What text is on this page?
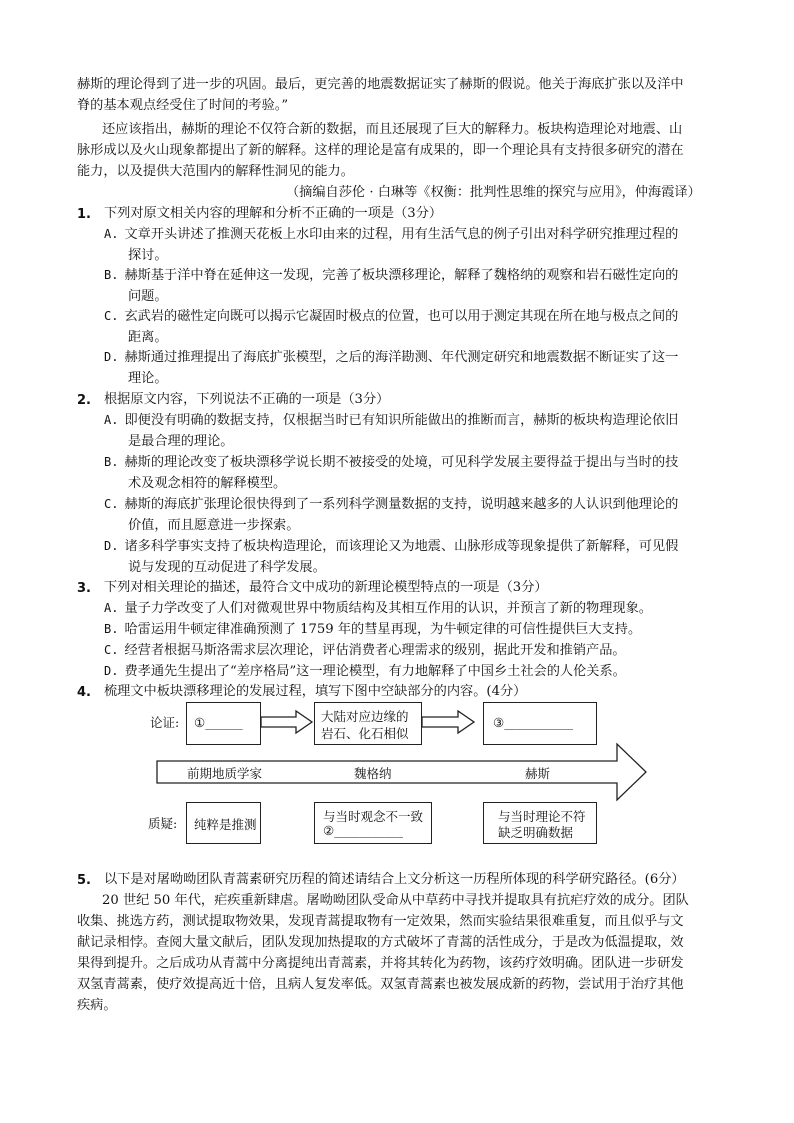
赫斯的理论得到了进一步的巩固。最后，更完善的地震数据证实了赫斯的假说。他关于海底扩张以及洋中
脊的基本观点经受住了时间的考验。”
还应该指出，赫斯的理论不仅符合新的数据，而且还展现了巨大的解释力。板块构造理论对地震、山
脉形成以及火山现象都提出了新的解释。这样的理论是富有成果的，即一个理论具有支持很多研究的潜在
能力，以及提供大范围内的解释性洞见的能力。
（摘编自莎伦 · 白琳等《权衡：批判性思维的探究与应用》，仲海霞译）
1. 下列对原文相关内容的理解和分析不正确的一项是（3分）
A. 文章开头讲述了推测天花板上水印由来的过程，用有生活气息的例子引出对科学研究推理过程的
探讨。
B. 赫斯基于洋中脊在延伸这一发现，完善了板块漂移理论，解释了魏格纳的观察和岩石磁性定向的
问题。
C. 玄武岩的磁性定向既可以揭示它凝固时极点的位置，也可以用于测定其现在所在地与极点之间的
距离。
D. 赫斯通过推理提出了海底扩张模型，之后的海洋勘测、年代测定研究和地震数据不断证实了这一
理论。
2. 根据原文内容，下列说法不正确的一项是（3分）
A. 即便没有明确的数据支持，仅根据当时已有知识所能做出的推断而言，赫斯的板块构造理论依旧
是最合理的理论。
B. 赫斯的理论改变了板块漂移学说长期不被接受的处境，可见科学发展主要得益于提出与当时的技
术及观念相符的解释模型。
C. 赫斯的海底扩张理论很快得到了一系列科学测量数据的支持，说明越来越多的人认识到他理论的
价值，而且愿意进一步探索。
D. 诸多科学事实支持了板块构造理论，而该理论又为地震、山脉形成等现象提供了新解释，可见假
说与发现的互动促进了科学发展。
3. 下列对相关理论的描述，最符合文中成功的新理论模型特点的一项是（3分）
A. 量子力学改变了人们对微观世界中物质结构及其相互作用的认识，并预言了新的物理现象。
B. 哈雷运用牛顿定律准确预测了 1759 年的彗星再现，为牛顿定律的可信性提供巨大支持。
C. 经营者根据马斯洛需求层次理论，评估消费者心理需求的级别，据此开发和推销产品。
D. 费孝通先生提出了“差序格局”这一理论模型，有力地解释了中国乡土社会的人伦关系。
4. 梳理文中板块漂移理论的发展过程，填写下图中空缺部分的内容。(4分）
论证: ①______	大陆对应边缘的
岩石、化石相似
③___________
前期地质学家	魏格纳	赫斯
质疑: 纯粹是推测
与当时观念不一致
②___________
与当时理论不符
缺乏明确数据
5. 以下是对屠呦呦团队青蒿素研究历程的简述请结合上文分析这一历程所体现的科学研究路径。(6分）
20 世纪 50 年代，疟疾重新肆虐。屠呦呦团队受命从中草药中寻找并提取具有抗疟疗效的成分。团队
收集、挑选方药，测试提取物效果，发现青蒿提取物有一定效果，然而实验结果很难重复，而且似乎与文
献记录相悖。查阅大量文献后，团队发现加热提取的方式破坏了青蒿的活性成分，于是改为低温提取，效
果得到提升。之后成功从青蒿中分离提纯出青蒿素，并将其转化为药物，该药疗效明确。团队进一步研发
双氢青蒿素，使疗效提高近十倍，且病人复发率低。双氢青蒿素也被发展成新的药物，尝试用于治疗其他
疾病。
